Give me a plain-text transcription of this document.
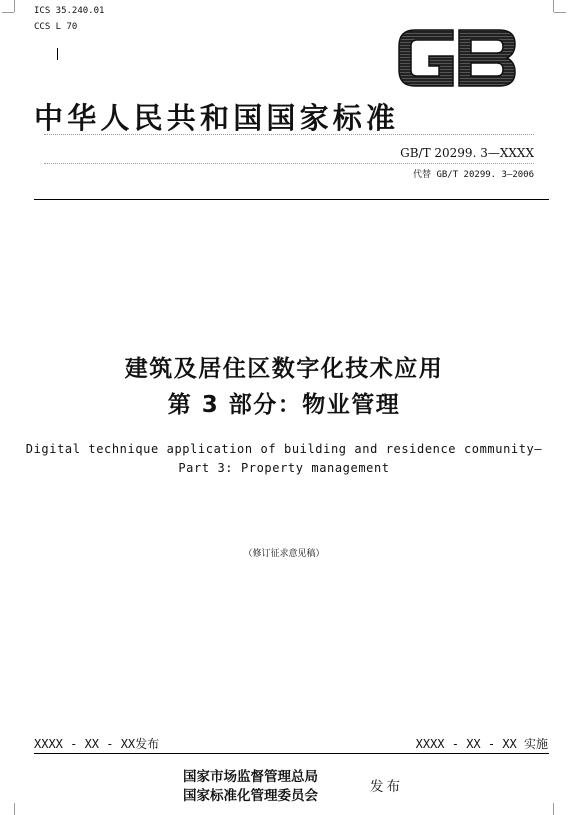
ICS 35.240.01
CCS L 70
中华人民共和国国家标准
GB/T 20299. 3—XXXX
代替 GB/T 20299. 3—2006
建筑及居住区数字化技术应用
第 3 部分：物业管理
Digital technique application of building and residence community—
Part 3: Property management
（修订征求意见稿）
XXXX - XX - XX发布	XXXX - XX - XX 实施
国家市场监督管理总局
国家标准化管理委员会
发布
